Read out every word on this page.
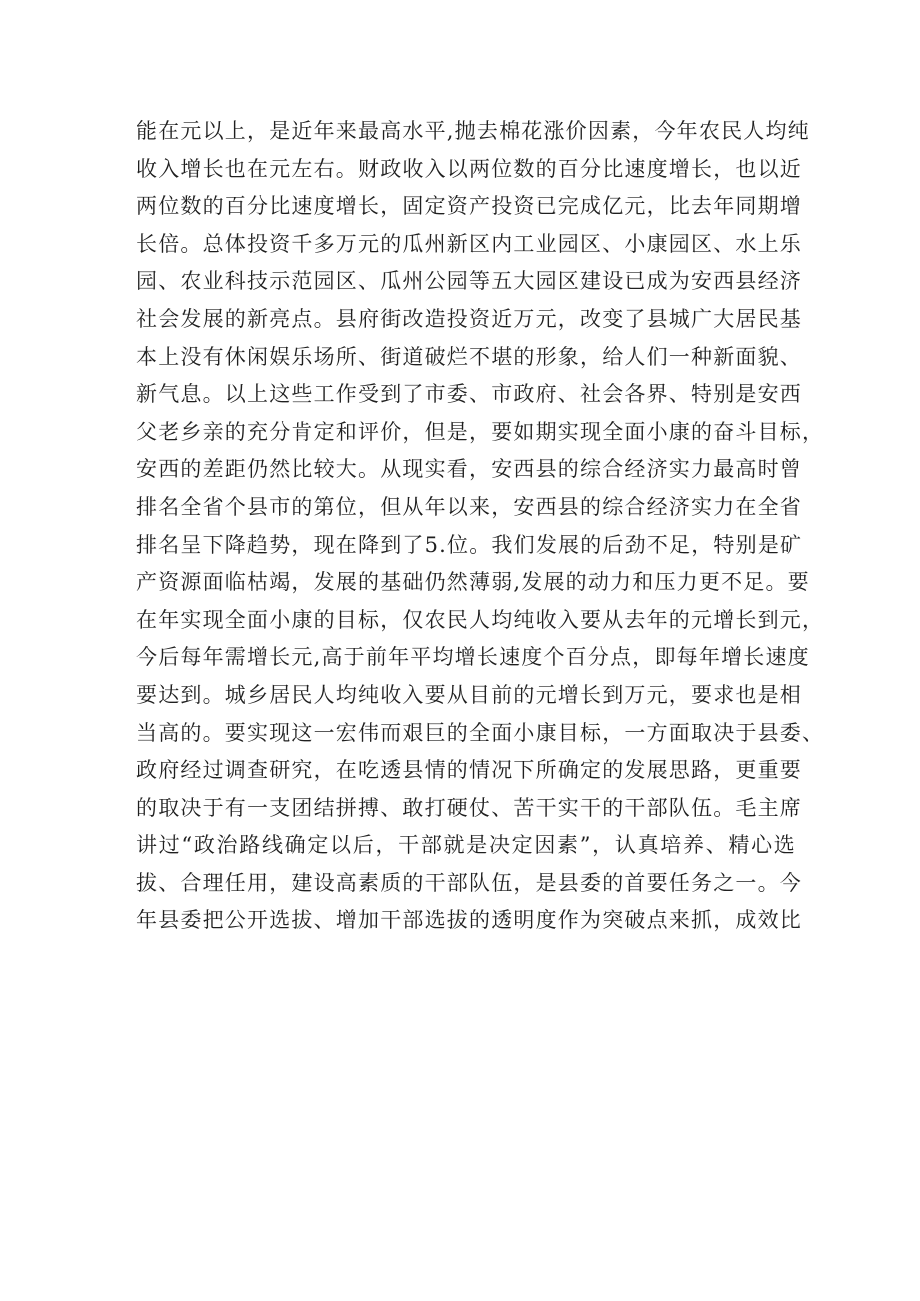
能在元以上，是近年来最高水平,抛去棉花涨价因素，今年农民人均纯
收入增长也在元左右。财政收入以两位数的百分比速度增长，也以近
两位数的百分比速度增长，固定资产投资已完成亿元，比去年同期增
长倍。总体投资千多万元的瓜州新区内工业园区、小康园区、水上乐
园、农业科技示范园区、瓜州公园等五大园区建设已成为安西县经济
社会发展的新亮点。县府街改造投资近万元，改变了县城广大居民基
本上没有休闲娱乐场所、街道破烂不堪的形象，给人们一种新面貌、
新气息。以上这些工作受到了市委、市政府、社会各界、特别是安西
父老乡亲的充分肯定和评价，但是，要如期实现全面小康的奋斗目标，
安西的差距仍然比较大。从现实看，安西县的综合经济实力最高时曾
排名全省个县市的第位，但从年以来，安西县的综合经济实力在全省
排名呈下降趋势，现在降到了5.位。我们发展的后劲不足，特别是矿
产资源面临枯竭，发展的基础仍然薄弱,发展的动力和压力更不足。要
在年实现全面小康的目标，仅农民人均纯收入要从去年的元增长到元，
今后每年需增长元,高于前年平均增长速度个百分点，即每年增长速度
要达到。城乡居民人均纯收入要从目前的元增长到万元，要求也是相
当高的。要实现这一宏伟而艰巨的全面小康目标，一方面取决于县委、
政府经过调查研究，在吃透县情的情况下所确定的发展思路，更重要
的取决于有一支团结拼搏、敢打硬仗、苦干实干的干部队伍。毛主席
讲过“政治路线确定以后，干部就是决定因素”，认真培养、精心选
拔、合理任用，建设高素质的干部队伍，是县委的首要任务之一。今
年县委把公开选拔、增加干部选拔的透明度作为突破点来抓，成效比
